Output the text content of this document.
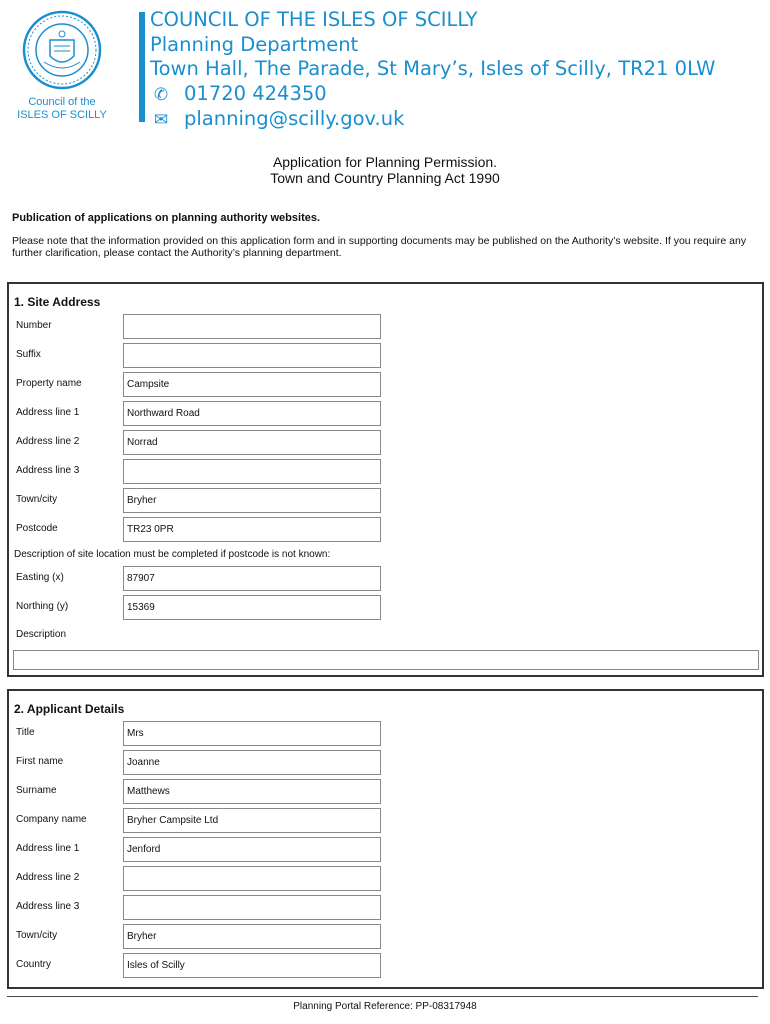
Council of the
ISLES OF SCILLY
COUNCIL OF THE ISLES OF SCILLY
Planning Department
Town Hall, The Parade, St Mary’s, Isles of Scilly, TR21 0LW
✆ 01720 424350
✉ planning@scilly.gov.uk
Application for Planning Permission.
Town and Country Planning Act 1990
Publication of applications on planning authority websites.
Please note that the information provided on this application form and in supporting documents may be published on the Authority’s website. If you require any further clarification, please contact the Authority’s planning department.
1. Site Address
Number
Suffix
Property name	Campsite
Address line 1	Northward Road
Address line 2	Norrad
Address line 3
Town/city	Bryher
Postcode	TR23 0PR
Description of site location must be completed if postcode is not known:
Easting (x)	87907
Northing (y)	15369
Description
2. Applicant Details
Title	Mrs
First name	Joanne
Surname	Matthews
Company name	Bryher Campsite Ltd
Address line 1	Jenford
Address line 2
Address line 3
Town/city	Bryher
Country	Isles of Scilly
Planning Portal Reference: PP-08317948
